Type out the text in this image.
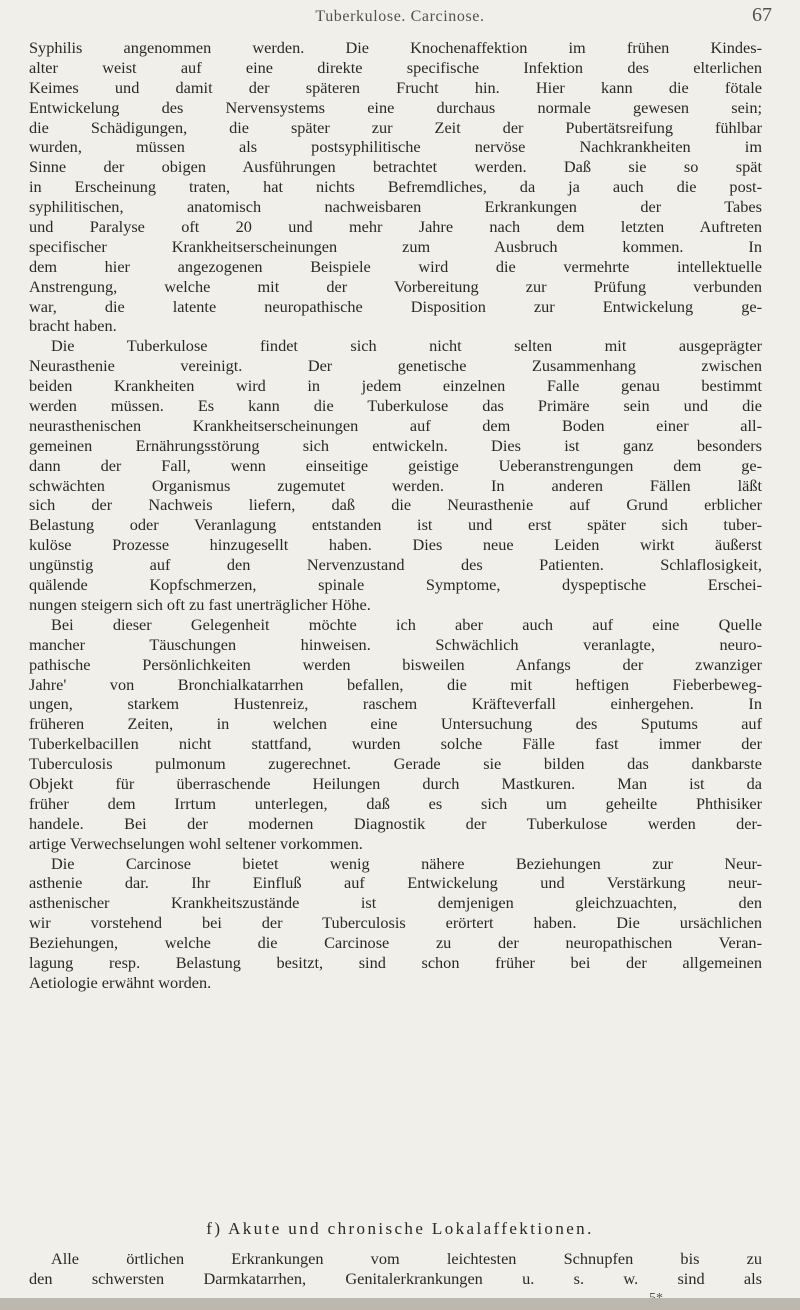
Tuberkulose. Carcinose.	67
Syphilis angenommen werden. Die Knochenaffektion im frühen Kindes-
alter weist auf eine direkte specifische Infektion des elterlichen
Keimes und damit der späteren Frucht hin. Hier kann die fötale
Entwickelung des Nervensystems eine durchaus normale gewesen sein;
die Schädigungen, die später zur Zeit der Pubertätsreifung fühlbar
wurden, müssen als postsyphilitische nervöse Nachkrankheiten im
Sinne der obigen Ausführungen betrachtet werden. Daß sie so spät
in Erscheinung traten, hat nichts Befremdliches, da ja auch die post-
syphilitischen, anatomisch nachweisbaren Erkrankungen der Tabes
und Paralyse oft 20 und mehr Jahre nach dem letzten Auftreten
specifischer Krankheitserscheinungen zum Ausbruch kommen. In
dem hier angezogenen Beispiele wird die vermehrte intellektuelle
Anstrengung, welche mit der Vorbereitung zur Prüfung verbunden
war, die latente neuropathische Disposition zur Entwickelung ge-
bracht haben.
Die Tuberkulose findet sich nicht selten mit ausgeprägter
Neurasthenie vereinigt. Der genetische Zusammenhang zwischen
beiden Krankheiten wird in jedem einzelnen Falle genau bestimmt
werden müssen. Es kann die Tuberkulose das Primäre sein und die
neurasthenischen Krankheitserscheinungen auf dem Boden einer all-
gemeinen Ernährungsstörung sich entwickeln. Dies ist ganz besonders
dann der Fall, wenn einseitige geistige Ueberanstrengungen dem ge-
schwächten Organismus zugemutet werden. In anderen Fällen läßt
sich der Nachweis liefern, daß die Neurasthenie auf Grund erblicher
Belastung oder Veranlagung entstanden ist und erst später sich tuber-
kulöse Prozesse hinzugesellt haben. Dies neue Leiden wirkt äußerst
ungünstig auf den Nervenzustand des Patienten. Schlaflosigkeit,
quälende Kopfschmerzen, spinale Symptome, dyspeptische Erschei-
nungen steigern sich oft zu fast unerträglicher Höhe.
Bei dieser Gelegenheit möchte ich aber auch auf eine Quelle
mancher Täuschungen hinweisen. Schwächlich veranlagte, neuro-
pathische Persönlichkeiten werden bisweilen Anfangs der zwanziger
Jahre' von Bronchialkatarrhen befallen, die mit heftigen Fieberbeweg-
ungen, starkem Hustenreiz, raschem Kräfteverfall einhergehen. In
früheren Zeiten, in welchen eine Untersuchung des Sputums auf
Tuberkelbacillen nicht stattfand, wurden solche Fälle fast immer der
Tuberculosis pulmonum zugerechnet. Gerade sie bilden das dankbarste
Objekt für überraschende Heilungen durch Mastkuren. Man ist da
früher dem Irrtum unterlegen, daß es sich um geheilte Phthisiker
handele. Bei der modernen Diagnostik der Tuberkulose werden der-
artige Verwechselungen wohl seltener vorkommen.
Die Carcinose bietet wenig nähere Beziehungen zur Neur-
asthenie dar. Ihr Einfluß auf Entwickelung und Verstärkung neur-
asthenischer Krankheitszustände ist demjenigen gleichzuachten, den
wir vorstehend bei der Tuberculosis erörtert haben. Die ursächlichen
Beziehungen, welche die Carcinose zu der neuropathischen Veran-
lagung resp. Belastung besitzt, sind schon früher bei der allgemeinen
Aetiologie erwähnt worden.
f) Akute und chronische Lokalaffektionen.
Alle örtlichen Erkrankungen vom leichtesten Schnupfen bis zu
den schwersten Darmkatarrhen, Genitalerkrankungen u. s. w. sind als
